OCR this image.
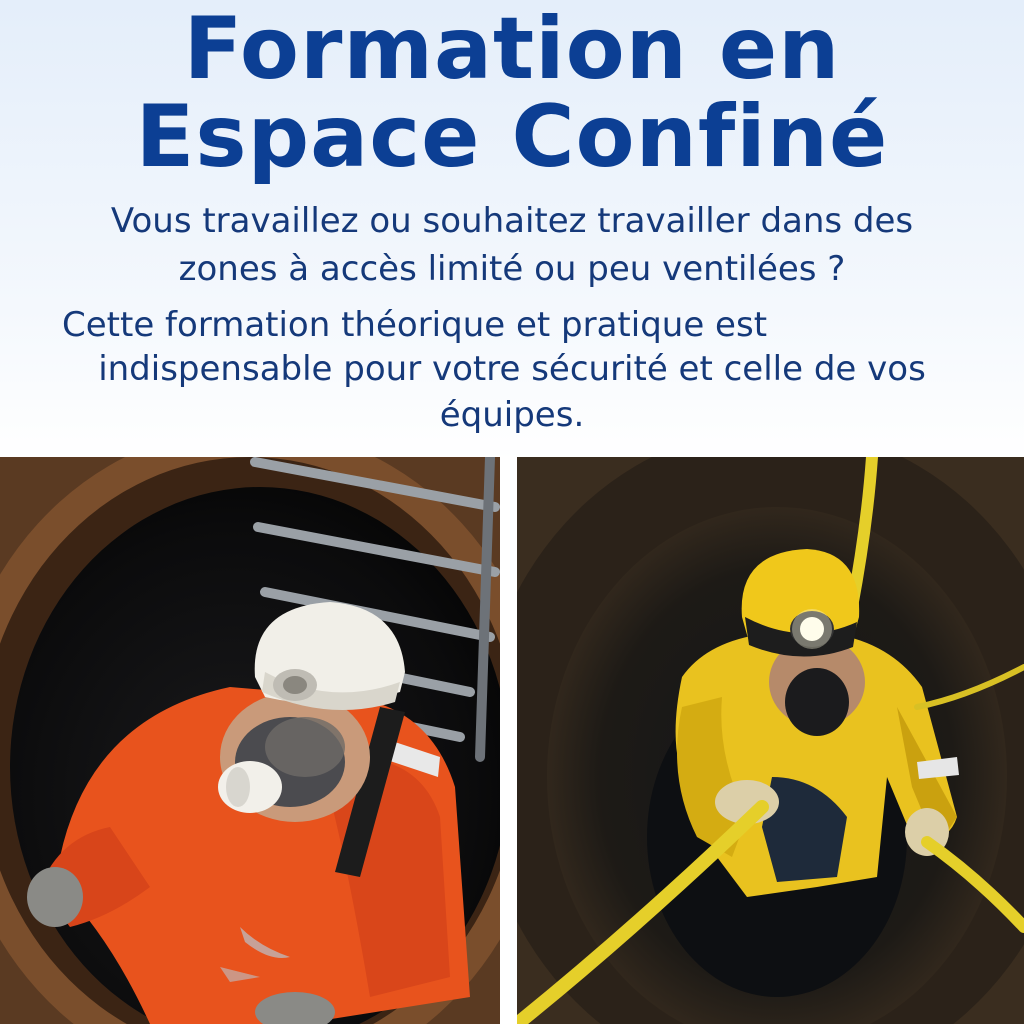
Formation en
Espace Confiné

Vous travaillez ou souhaitez travailler dans des

zones à accès limité ou peu ventilées ?

Cette formation théorique et pratique est

indispensable pour votre sécurité et celle de vos

équipes.
